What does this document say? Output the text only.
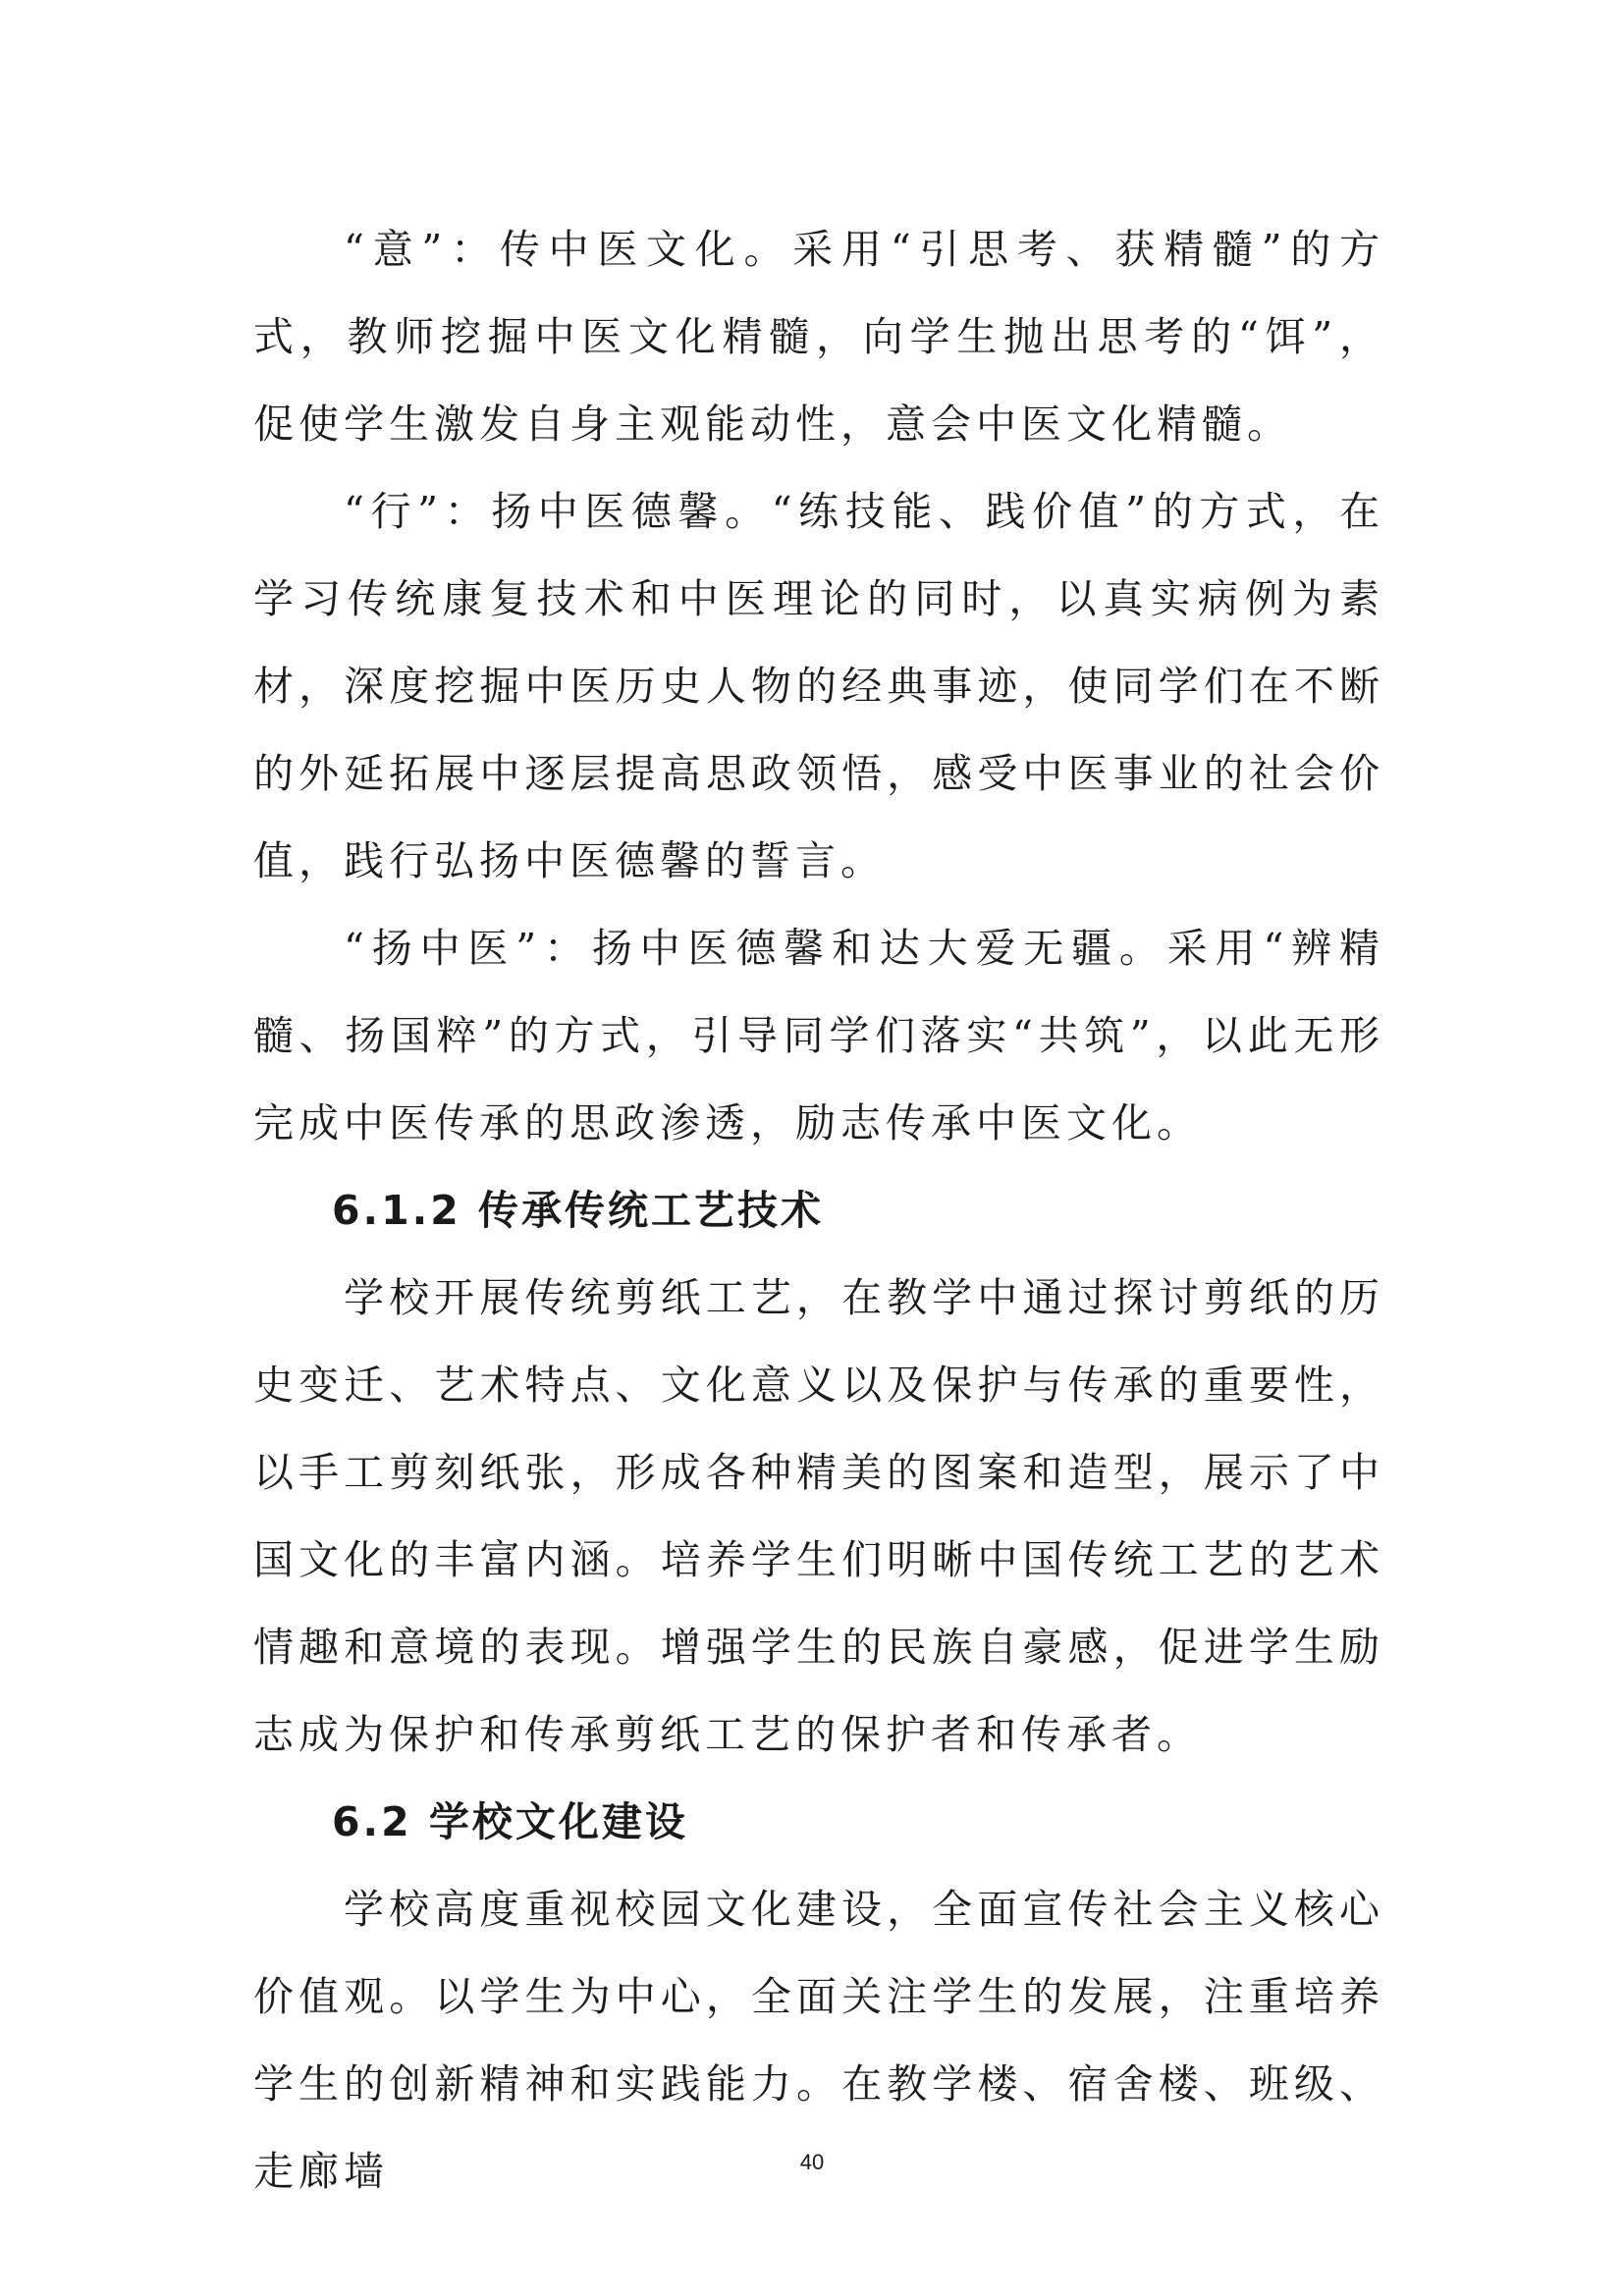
“意”：传中医文化。采用“引思考、获精髓”的方式，教师挖掘中医文化精髓，向学生抛出思考的“饵”，促使学生激发自身主观能动性，意会中医文化精髓。

“行”：扬中医德馨。“练技能、践价值”的方式，在学习传统康复技术和中医理论的同时，以真实病例为素材，深度挖掘中医历史人物的经典事迹，使同学们在不断的外延拓展中逐层提高思政领悟，感受中医事业的社会价值，践行弘扬中医德馨的誓言。

“扬中医”：扬中医德馨和达大爱无疆。采用“辨精髓、扬国粹”的方式，引导同学们落实“共筑”，以此无形完成中医传承的思政渗透，励志传承中医文化。

6.1.2 传承传统工艺技术

学校开展传统剪纸工艺，在教学中通过探讨剪纸的历史变迁、艺术特点、文化意义以及保护与传承的重要性，以手工剪刻纸张，形成各种精美的图案和造型，展示了中国文化的丰富内涵。培养学生们明晰中国传统工艺的艺术情趣和意境的表现。增强学生的民族自豪感，促进学生励志成为保护和传承剪纸工艺的保护者和传承者。

6.2 学校文化建设

学校高度重视校园文化建设，全面宣传社会主义核心价值观。以学生为中心，全面关注学生的发展，注重培养学生的创新精神和实践能力。在教学楼、宿舍楼、班级、走廊墙	40
